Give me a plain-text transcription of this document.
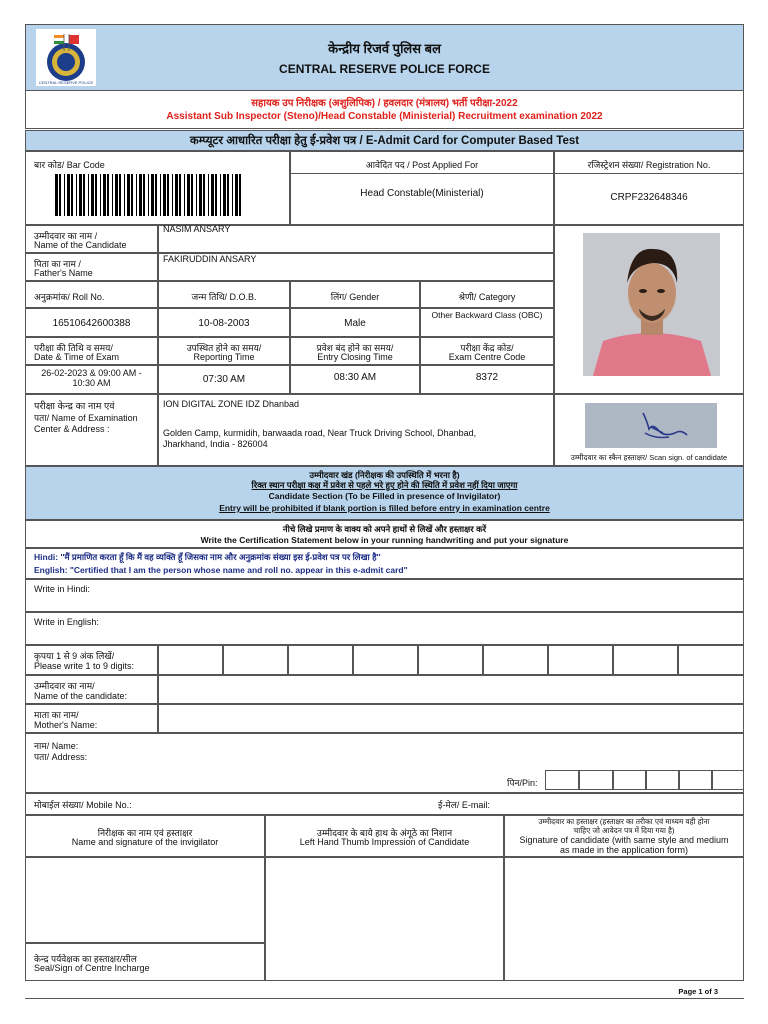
CENTRAL RESERVE POLICE
केन्द्रीय रिजर्व पुलिस बल
CENTRAL RESERVE POLICE FORCE
सहायक उप निरीक्षक (अशुलिपिक) / हवलदार (मंत्रालय) भर्ती परीक्षा-2022
Assistant Sub Inspector (Steno)/Head Constable (Ministerial) Recruitment examination 2022
कम्प्यूटर आधारित परीक्षा हेतु ई-प्रवेश पत्र / E-Admit Card for Computer Based Test
बार कोड/ Bar Code	आवेदित पद / Post Applied For
Head Constable(Ministerial)
रजिस्ट्रेशन संख्या/ Registration No.
CRPF232648346
उम्मीदवार का नाम /
Name of the Candidate
NASIM ANSARY
पिता का नाम /
Father's Name
FAKIRUDDIN ANSARY
अनुक्रमांक/ Roll No.	जन्म तिथि/ D.O.B.	लिंग/ Gender	श्रेणी/ Category
16510642600388	10-08-2003	Male
Other Backward Class (OBC)
परीक्षा की तिथि व समय/
Date & Time of Exam
उपस्थित होने का समय/
Reporting Time
प्रवेश बंद होने का समय/
Entry Closing Time
परीक्षा केंद्र कोड/
Exam Centre Code
26-02-2023 & 09:00 AM -
10:30 AM	07:30 AM	08:30 AM	8372
परीक्षा केन्द्र का नाम एवं
पता/ Name of Examination
Center & Address :
ION DIGITAL ZONE IDZ Dhanbad
Golden Camp, kurmidih, barwaada road, Near Truck Driving School, Dhanbad,
Jharkhand, India - 826004
उम्मीदवार का स्कैन हस्ताक्षर/ Scan sign. of candidate
उम्मीदवार खंड (निरीक्षक की उपस्थिति में भरना है)
रिक्त स्थान परीक्षा कक्ष में प्रवेश से पहले भरे हुए होने की स्थिति में प्रवेश नहीं दिया जाएगा
Candidate Section (To be Filled in presence of Invigilator)
Entry will be prohibited if blank portion is filled before entry in examination centre
नीचे लिखे प्रमाण के वाक्य को अपने हाथों से लिखें और हस्ताक्षर करें
Write the Certification Statement below in your running handwriting and put your signature
Hindi: ''मैं प्रमाणित करता हूँ कि मैं वह व्यक्ति हूँ जिसका नाम और अनुक्रमांक संख्या इस ई-प्रवेश पत्र पर लिखा है''
English: "Certified that I am the person whose name and roll no. appear in this e-admit card"
Write in Hindi:
Write in English:
कृपया 1 से 9 अंक लिखें/
Please write 1 to 9 digits:
उम्मीदवार का नाम/
Name of the candidate:
माता का नाम/
Mother's Name:
नाम/ Name:
पता/ Address:
पिन/Pin:
मोबाईल संख्या/ Mobile No.:	ई-मेल/ E-mail:
निरीक्षक का नाम एवं हस्ताक्षर
Name and signature of the invigilator
उम्मीदवार के बाये हाथ के अंगूठे का निशान
Left Hand Thumb Impression of Candidate
उम्मीदवार का हस्ताक्षर (हस्ताक्षर का तरीका एवं माध्यम वही होना
चाहिए जो आवेदन पत्र में दिया गया है)
Signature of candidate (with same style and medium
as made in the application form)
केन्द्र पर्यवेक्षक का हस्ताक्षर/सील
Seal/Sign of Centre Incharge
Page 1 of 3
